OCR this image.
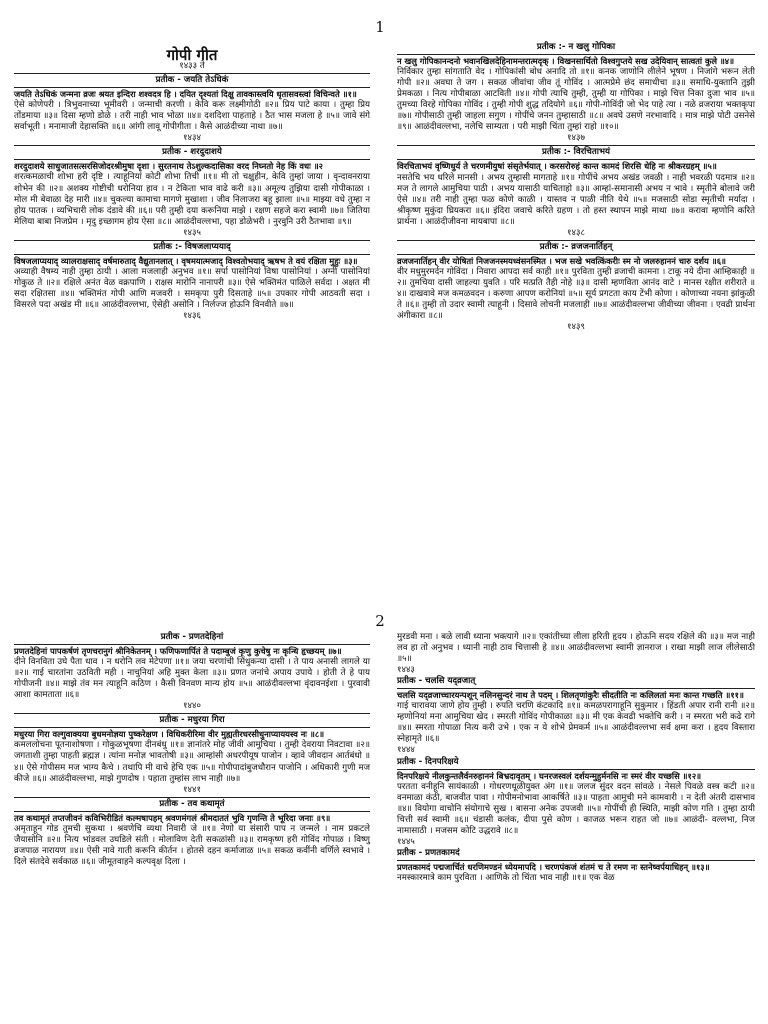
1

गोपी गीत

१४३३ ते

प्रतीक - जयति तेऽधिकं

जयति तेऽधिकं जन्मना व्रजः श्रयत इन्दिरा शश्वदत्र हि । दयित दृश्यतां दिक्षु तावकास्त्वयि धृतासवस्त्वां विचिन्वते ॥१॥

ऐसे कोणेपरी । त्रिभुवनाच्या भूमीवरी । जन्माची करणी । केवि करू लक्ष्मीगोठी ॥२॥ प्रिय पाटे काया । तुम्हा प्रिय तोंडमाया ॥३॥ दिसा म्हणो डोळे । तरी नाही भाव भोळा ॥४॥ दशदिशा पाहताहे । ठैत भास मजला हे ॥५॥ जावे संगे सर्वाभूती । मनामाजी देहासक्ति ॥६॥ आंगी लावू गोपीगीता । कैसे आळंदीच्या नाथा ॥७॥

१४३४

प्रतीक - शरदुदाशये

शरदुदाशये साधुजातसत्सरसिजोदरश्रीमुषा दृशा । सुरतनाथ तेऽशुल्कदासिका वरद निघ्नतो नेह किं वधः ॥२

शरत्कमळाची शोभा हरी दृष्टि । त्याहूनियां कोटी शोभा तिची ॥१॥ मी तो चक्षुहीन, केवि तुम्हां जाया । वृन्दावनराया शोभेन की ॥२॥ अशक्य गोष्टीची धरोनिया हाव । न टेकिता भाव वाढे करी ॥३॥ अमूल्य तुझिया दासी गोपीकाळा । मोल मी बेवाळा देह मारी ॥४॥ चुकल्या कामाचा मागणे मुखाशा । जीव निलाजरा बहू झाला ॥५॥ माझ्या वधे तुम्हा न होय पातक । व्यभिचारी लोक दंडावे की ॥६॥ परी तुम्ही दया करूनिया माझे । रक्षण सहजे करा स्वामी ॥७॥ जितिया मेलिया बाबा निजप्रेम । मृदु इच्छागम होय ऐसा ॥८॥ आळंदीवल्लभा, पहा डोळेभरी । नुरवुनि उरी ठैतभावा ॥९॥

१४३५

प्रतीक :- विषजलाप्ययाद्

विषजलाप्ययाद् व्यालराक्षसाद् वर्षमारुताद् वैद्युतानलात् । वृषमयात्मजाद् विश्वतोभयाद् ऋषभ ते वयं रक्षिता मुहुः ॥३॥

अव्याही वैषम्य नाही तुम्हा ठायी । आला मजलाही अनुभव ॥१॥ सर्पा पासोनियां विषा पासोनियां । अग्नी पासोनियां गोकुळ ते ॥२॥ रक्षिले अनंत वेळ वक्रपाणि । राक्षस मारोनि नानापरी ॥३॥ ऐसे भक्तिमंत पाळिले सर्वदा । अक्षत मी सदा रक्षितसा ॥४॥ भक्तिमंत गोपी आणि मजवरी । समकृपा पुरी दिसताहे ॥५॥ उपकार गोपी आठवती सदा । विसरले पदा अखंड मी ॥६॥ आळंदीवल्लभा, ऐसेही असोनि । निर्लज्ज होऊनि विनवीते ॥७॥

१४३६

प्रतीक :- न खलु गोपिका

न खलु गोपिकानन्दनो भवानखिलदेहिनामन्तरात्मदृक् । विखनसार्थितो विश्वगुप्तये सख उदेयिवान् सात्वतां कुले ॥४॥

निर्विकार तुम्हा सांगताति वेद । गोपिकांसी बोध अनादि तो ॥१॥ कनक जाणोनि लीलेने भूषण । निजांगे भरून लेती गोपी ॥२॥ अवघा ते जग । सकळ जीवांचा जीव तूं गोविंद । आत्मप्रेमे छंद समाधीचा ॥३॥ समाधि-युक्तानि तुझी प्रेमकळा । नित्य गोपीबाळा आटविती ॥४॥ गोपी त्याचि तुम्ही, तुम्ही या गोपिका । माझे चित्त निका दुजा भाव ॥५॥ तुमच्या विरहे गोपिका गोविंद । तुम्ही गोपी शुद्ध तदियोगे ॥६॥ गोपी-गोविंदी जो भेद पाहे त्या । नळे व्रजराया भक्तकृपा ॥७॥ गोपीसाठी तुम्ही जाहला सगुण । गोपींचे जनन तुम्हासाठी ॥८॥ अवघे उसणे नरभावादि । मात्र माझे पोटी उसनेसे ॥९॥ आळंदीवल्लभा, नलेचि साम्यता । परी माझी चिंता तुम्हां राहो ॥१०॥

१४३७

प्रतीक :- विरचिताभयं

विरचिताभयं वृष्णिधुर्य ते चरणमीयुषां संसृतेर्भयात् । करसरोरुहं कान्त कामदं शिरसि धेहि नः श्रीकरग्रहम् ॥५॥

नसतेचि भय धरिले मानसी । अभय तुम्हासी मागताहे ॥१॥ गोपींचे अभय अखंड जवळी । नाही भवरळी पदमात्र ॥२॥ मज ते लागले आमुचिया पाठी । अभय यासाठी याचिताहो ॥३॥ आम्हां-समानासी अभय न भावे । स्मृतीने बोलावे जरी ऐसे ॥४॥ तरी नाही तुम्हा फळ कोणे काळी । यास्तव न पाळी नीति येथे ॥५॥ मजसाठी सोडा स्मृतीची मर्यादा । श्रीकृष्ण मुकुंदा घ्रियकरा ॥६॥ इंदिरा जवाचे करिते ग्रहण । तो हस्त स्थापन माझे माथा ॥७॥ करावा म्हणोनि करिते प्रार्थना । आळंदीजीवना मायबापा ॥८॥

१४३८

प्रतीक :- व्रजजनार्तिहन्

व्रजजनार्तिहन् वीर योषितां निजजनस्मयध्वंसनस्मित । भज सखे भवत्किंकरीः स्म नो जलरुहाननं चारु दर्शय ॥६॥

वीर मधुमुरमर्दन गोविंदा । निवारा आपदा सर्व काही ॥१॥ पुरविता तुम्ही व्रजाची कामना । टाकू नये दीना आम्हिकाही ॥२॥ तुमचिया दासी जाहल्या युवति । परि मत्प्रति तैही नोहे ॥३॥ दासी म्हणविता आनंद वाटे । मानस रक्षीत शरीराते ॥४॥ दाखवावे मज कमळवदन । करुणा आपण करोनियां ॥५॥ सूर्य प्रगटता काय टेंभी कोणा । कोणाच्या नयना झांकुळी ते ॥६॥ तुम्ही तो उदार स्वामी त्याहूनी । दिसावे लोचनी मजलाही ॥७॥ आळंदीवल्लभा जीवीच्या जीवना । एवढी प्रार्थना अंगीकारा ॥८॥

१४३९

2

प्रतीक - प्रणतदेहिनां

प्रणतदेहिनां पापकर्षणं तृणचरानुगं श्रीनिकेतनम् । फणिफणार्पितं ते पदाम्बुजं कृणु कुचेषु नः कृन्धि हृच्छयम् ॥७॥

दीने विनविता उघे पैता धाव । न धरोनि लव मेटेपणा ॥१॥ जया चरणांची सिंधुकन्या दासी । ते पाय अनासी लागले या ॥२॥ गाई चारतांना उठविती मही । नाचुनियां अहि मुक्त केला ॥३॥ प्रणत जनांचे अपाय उपाये । होती ते हे पाय गोपीजनी ॥४॥ माझे तंव मन त्याहूनि कठिण । कैसी विनवण मान्य होय ॥५॥ आळंदीवल्लभा वृंदावनईशा । पुरवावी आशा कामताता ॥६॥

१४४०

प्रतीक - मधुरया गिरा

मधुरया गिरा वल्गुवाक्यया बुधमनोज्ञया पुष्करेक्षण । विधिकरीरिमा वीर मुह्यतीरधरसीधुनाप्याययस्व नः ॥८॥

कमललोचना पूतनाशोषणा । गोकुळभूषणा दीनबंधु ॥१॥ ज्ञानांतरे मोह जीवी आमुचिया । तुम्ही देवराया निवटावा ॥२॥ जगताशी तुम्हा पाहती ब्रह्मज्ञ । त्यांना मनोज्ञ भावतोषी ॥३॥ आम्हांसी अधरपीयूष पाजोन । व्हावे जीवदान आर्तबंधो ॥४॥ ऐसे गोपीसम मज भाग्य कैचे । तथापि मी वाचे हेचि एक ॥५॥ गोपीपादांबुजधौरान पाजोनि । अधिकारी गुणी मज कीजे ॥६॥ आळंदीवल्लभा, माझे गुणदोष । पहाता तुम्हांस लाभ नाही ॥७॥

१४४१

प्रतीक - तव कथामृतं

तव कथामृतं तप्तजीवनं कविभिरीडितं कल्मषापहम् श्रवणमंगलं श्रीमदाततं भुवि गृणन्ति ते भूरिदा जनाः ॥९॥

अमृताहून गोड तुमची सुकथा । श्रवणेचि व्यथा निवारी जे ॥१॥ नेणो या संसारी पाप न जन्मले । नाम प्रकटले जैयासोनि ॥२॥ नित्य भांडवल उघडिले संती । मोलाविण देती सकळांसी ॥३॥ रामकृष्ण हरी गोविंद गोपाळ । विष्णु व्रजपाळ नारायण ॥४॥ ऐसी नावे गाती करूनि कीर्तन । होतसे दहन कर्माजाळ ॥५॥ सकळ कवींनी वर्णिले स्वभावे । दिले संतदेवे सर्वकाळ ॥६॥ जीमूतवाहने कल्पवृक्ष दिला ।

मुरडवी मना । बळे लावी ध्याना भक्त्यागे ॥२॥ एकांतीच्या लीला हरिती हृदय । होऊनि सदय रक्षिले की ॥३॥ मज नाही लव हा तो अनुभव । ध्यानी नाही ठाव चित्तासी हे ॥४॥ आळंदीवल्लभा स्वामी ज्ञानराज । राखा माझी लाज लीलेसाठी ॥५॥

१४४३

प्रतीक - चलसि यद्व्रजात्

चलसि यद्व्रजाच्चारयन्पशून् नलिनसुन्दरं नाथ ते पदम् । शिलतृणांकुरैः सीदतीति नः कलिलतां मनः कान्त गच्छति ॥११॥

गाई चारावया जाणे होय तुम्ही । रुपति चरणि कंटकादि ॥१॥ कमळपरागाहूनि सुकुमार । हिंडती अपार रानी रानी ॥२॥ म्हणोनियां मना आमुचिया खेद । स्मरती गोविंद गोपीकाळा ॥३॥ मी एक केवढी भक्तेचि करी । न स्मरता भरी कढे रागे ॥४॥ स्मरता गोपाळा नित्य करी उभे । एक न ये शोभे प्रेमकर्म ॥५॥ आळंदीवल्लभा सर्व क्षमा करा । हृदय विस्तारा स्नेहामृते ॥६॥

१४४४

प्रतीक - दिनपरिक्षये

दिनपरिक्षये नीलकुन्तलैर्वनरुहाननं बिभ्रदावृतम् । घनरजस्वलं दर्शयन्मुहुर्मनसि नः स्मरं वीर यच्छसि ॥१२॥

परतता वनीहूनि सायंकाळी । गोधरणधूळीयुक्त अंग ॥१॥ जलज सुंदर वदन सांवळे । नेसले पिवळे वस्त्र कटी ॥२॥ वनमाळा कंठी, बाजवीत पावा । गोपीमनोभावा आकर्षिते ॥३॥ पाहता आमुची मने कामवारी । न देती अंतरी दासभाव ॥४॥ वियोगा वाचोनि संयोगाचे सुख । बासना अनेक उपजवी ॥५॥ गोपींची ही स्थिति, माझी कोण गति । तुम्हा ठायी चित्ती सर्व स्वामी ॥६॥ चंडासी कलंक, दीपा पुसे कोण । काजळ भरून राहत जो ॥७॥ आळंदी- वल्लभा, निज नामासाठी । मजसम कोटि उद्धरावे ॥८॥

१४४५

प्रतीक - प्रणतकामदं

प्रणतकामदं पद्मजार्चितं धरणिमण्डनं ध्येयमापदि । चरणपंकजं शंतमं च ते रमण नः स्तनेष्वर्पयाधिहन् ॥१३॥

नमस्कारमात्रे काम पुरविता । आणिके तो चिंता भाव नाही ॥१॥ एक वेळ
